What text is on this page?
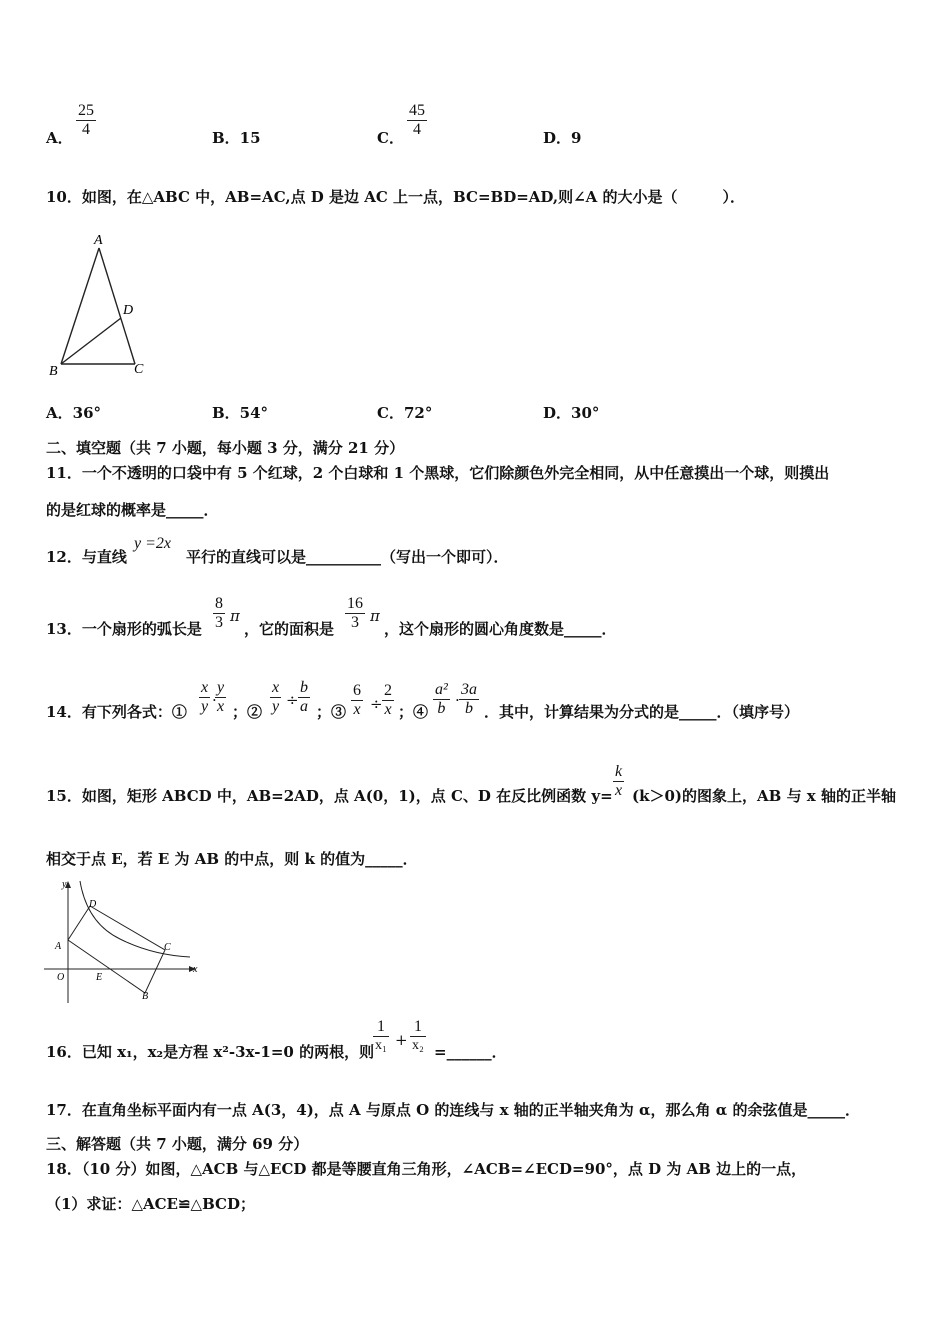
A． $\frac{25}{4}$	B．15	C． $\frac{45}{4}$	D．9
10．如图，在△ABC 中，AB=AC,点 D 是边 AC 上一点，BC=BD=AD,则∠A 的大小是（　　　）．
A
D
B	C
A．36°	B．54°	C．72°	D．30°
二、填空题（共 7 小题，每小题 3 分，满分 21 分）
11．一个不透明的口袋中有 5 个红球，2 个白球和 1 个黑球，它们除颜色外完全相同，从中任意摸出一个球，则摸出
的是红球的概率是_____．
12．与直线
y =2x
平行的直线可以是__________（写出一个即可）．
13．一个扇形的弧长是 $\frac{8}{3}$ π
，它的面积是 $\frac{16}{3}$ π
，这个扇形的圆心角度数是_____．
14．有下列各式：① $\frac{x}{y}$ ·
$\frac{y}{x}$ ；② $\frac{x}{y} \div \frac{b}{a}$ ；③ $\frac{6}{x} \div \frac{2}{x}$ ；④ $\frac{\text{a²}}{b} \cdot \frac{3a}{b}$ ．其中，计算结果为分式的是_____．（填序号）
15．如图，矩形 ABCD 中，AB=2AD，点 A(0，1)，点 C、D 在反比例函数 $y= \frac{k}{x} (k>0)$的图象上，AB 与 x 轴的正半轴
相交于点 E，若 E 为 AB 的中点，则 k 的值为_____．
y
D
A	C
O	E
x
B
16．已知 x₁，x₂是方程 x²-3x-1=0 的两根，则
$\frac{1}{\text{x₁}} + \frac{1}{\text{x₂}}$ =______．
17．在直角坐标平面内有一点 A(3，4)，点 A 与原点 O 的连线与 x 轴的正半轴夹角为 α，那么角 α 的余弦值是_____．
三、解答题（共 7 小题，满分 69 分）
18．（10 分）如图，△ACB 与△ECD 都是等腰直角三角形，∠ACB=∠ECD=90°，点 D 为 AB 边上的一点，
（1）求证：△ACE≌△BCD；
